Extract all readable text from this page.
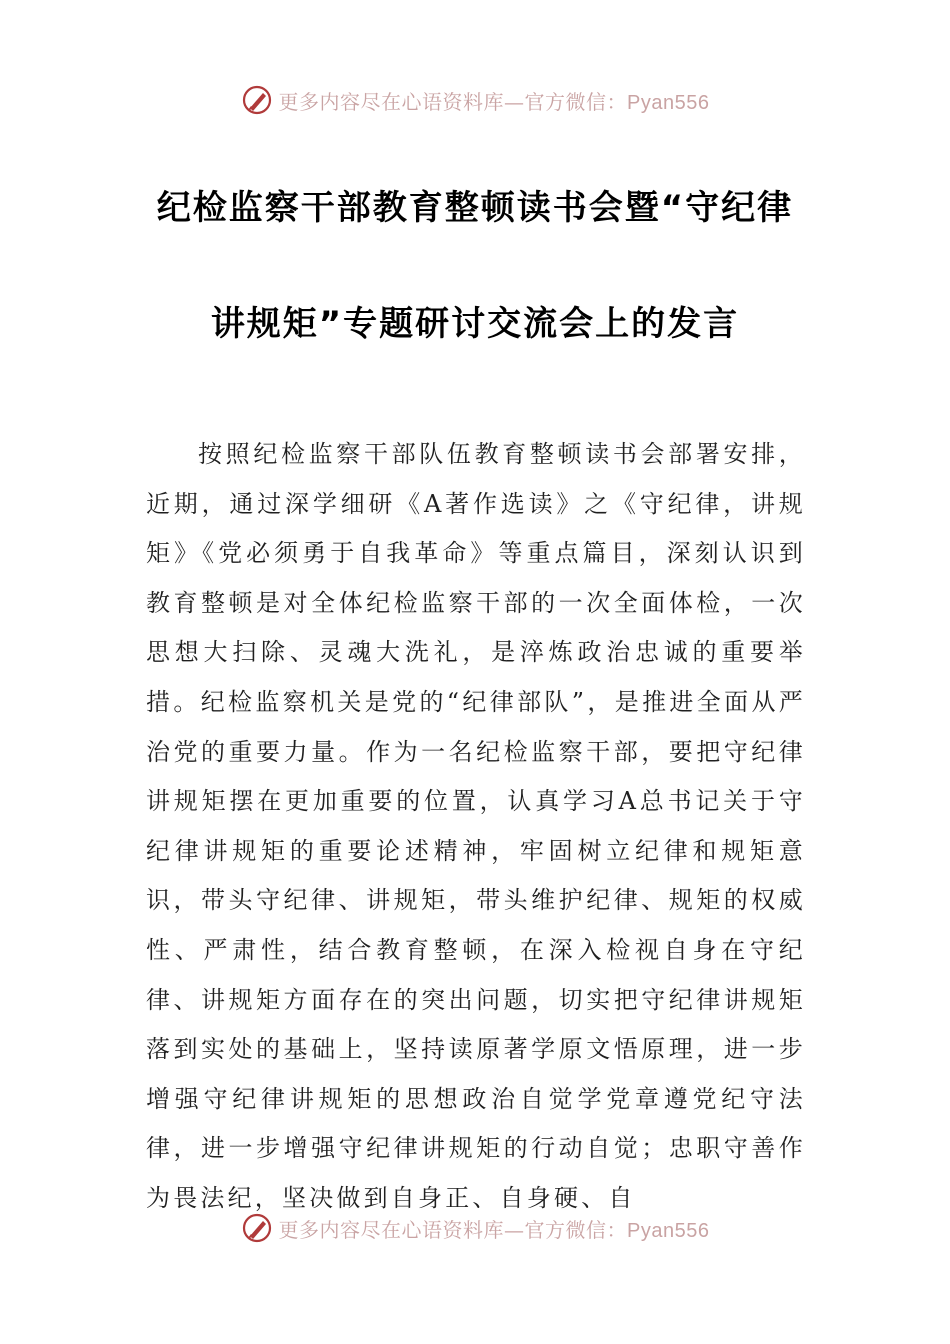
更多内容尽在心语资料库—官方微信：Pyan556
纪检监察干部教育整顿读书会暨“守纪律
讲规矩”专题研讨交流会上的发言

按照纪检监察干部队伍教育整顿读书会部署安排，近期，通过深学细研《A著作选读》之《守纪律，讲规矩》《党必须勇于自我革命》等重点篇目，深刻认识到教育整顿是对全体纪检监察干部的一次全面体检，一次思想大扫除、灵魂大洗礼，是淬炼政治忠诚的重要举措。纪检监察机关是党的“纪律部队”，是推进全面从严治党的重要力量。作为一名纪检监察干部，要把守纪律讲规矩摆在更加重要的位置，认真学习A总书记关于守纪律讲规矩的重要论述精神，牢固树立纪律和规矩意识，带头守纪律、讲规矩，带头维护纪律、规矩的权威性、严肃性，结合教育整顿，在深入检视自身在守纪律、讲规矩方面存在的突出问题，切实把守纪律讲规矩落到实处的基础上，坚持读原著学原文悟原理，进一步增强守纪律讲规矩的思想政治自觉学党章遵党纪守法律，进一步增强守纪律讲规矩的行动自觉；忠职守善作为畏法纪，坚决做到自身正、自身硬、自

更多内容尽在心语资料库—官方微信：Pyan556
